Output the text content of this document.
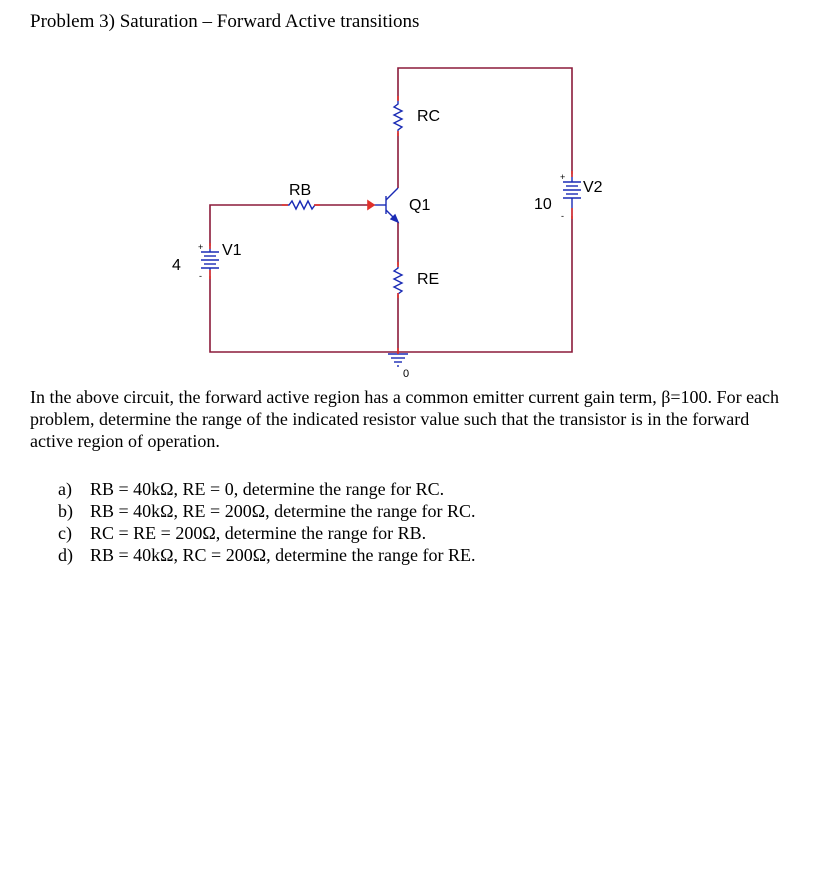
Problem 3) Saturation – Forward Active transitions
RC
RB
Q1
RE
V1
4
+
-
V2
10
+
-
0

In the above circuit, the forward active region has a common emitter current gain term, β=100. For each problem, determine the range of the indicated resistor value such that the transistor is in the forward active region of operation.

a) RB = 40kΩ, RE = 0, determine the range for RC.
b) RB = 40kΩ, RE = 200Ω, determine the range for RC.
c) RC = RE = 200Ω, determine the range for RB.
d) RB = 40kΩ, RC = 200Ω, determine the range for RE.
